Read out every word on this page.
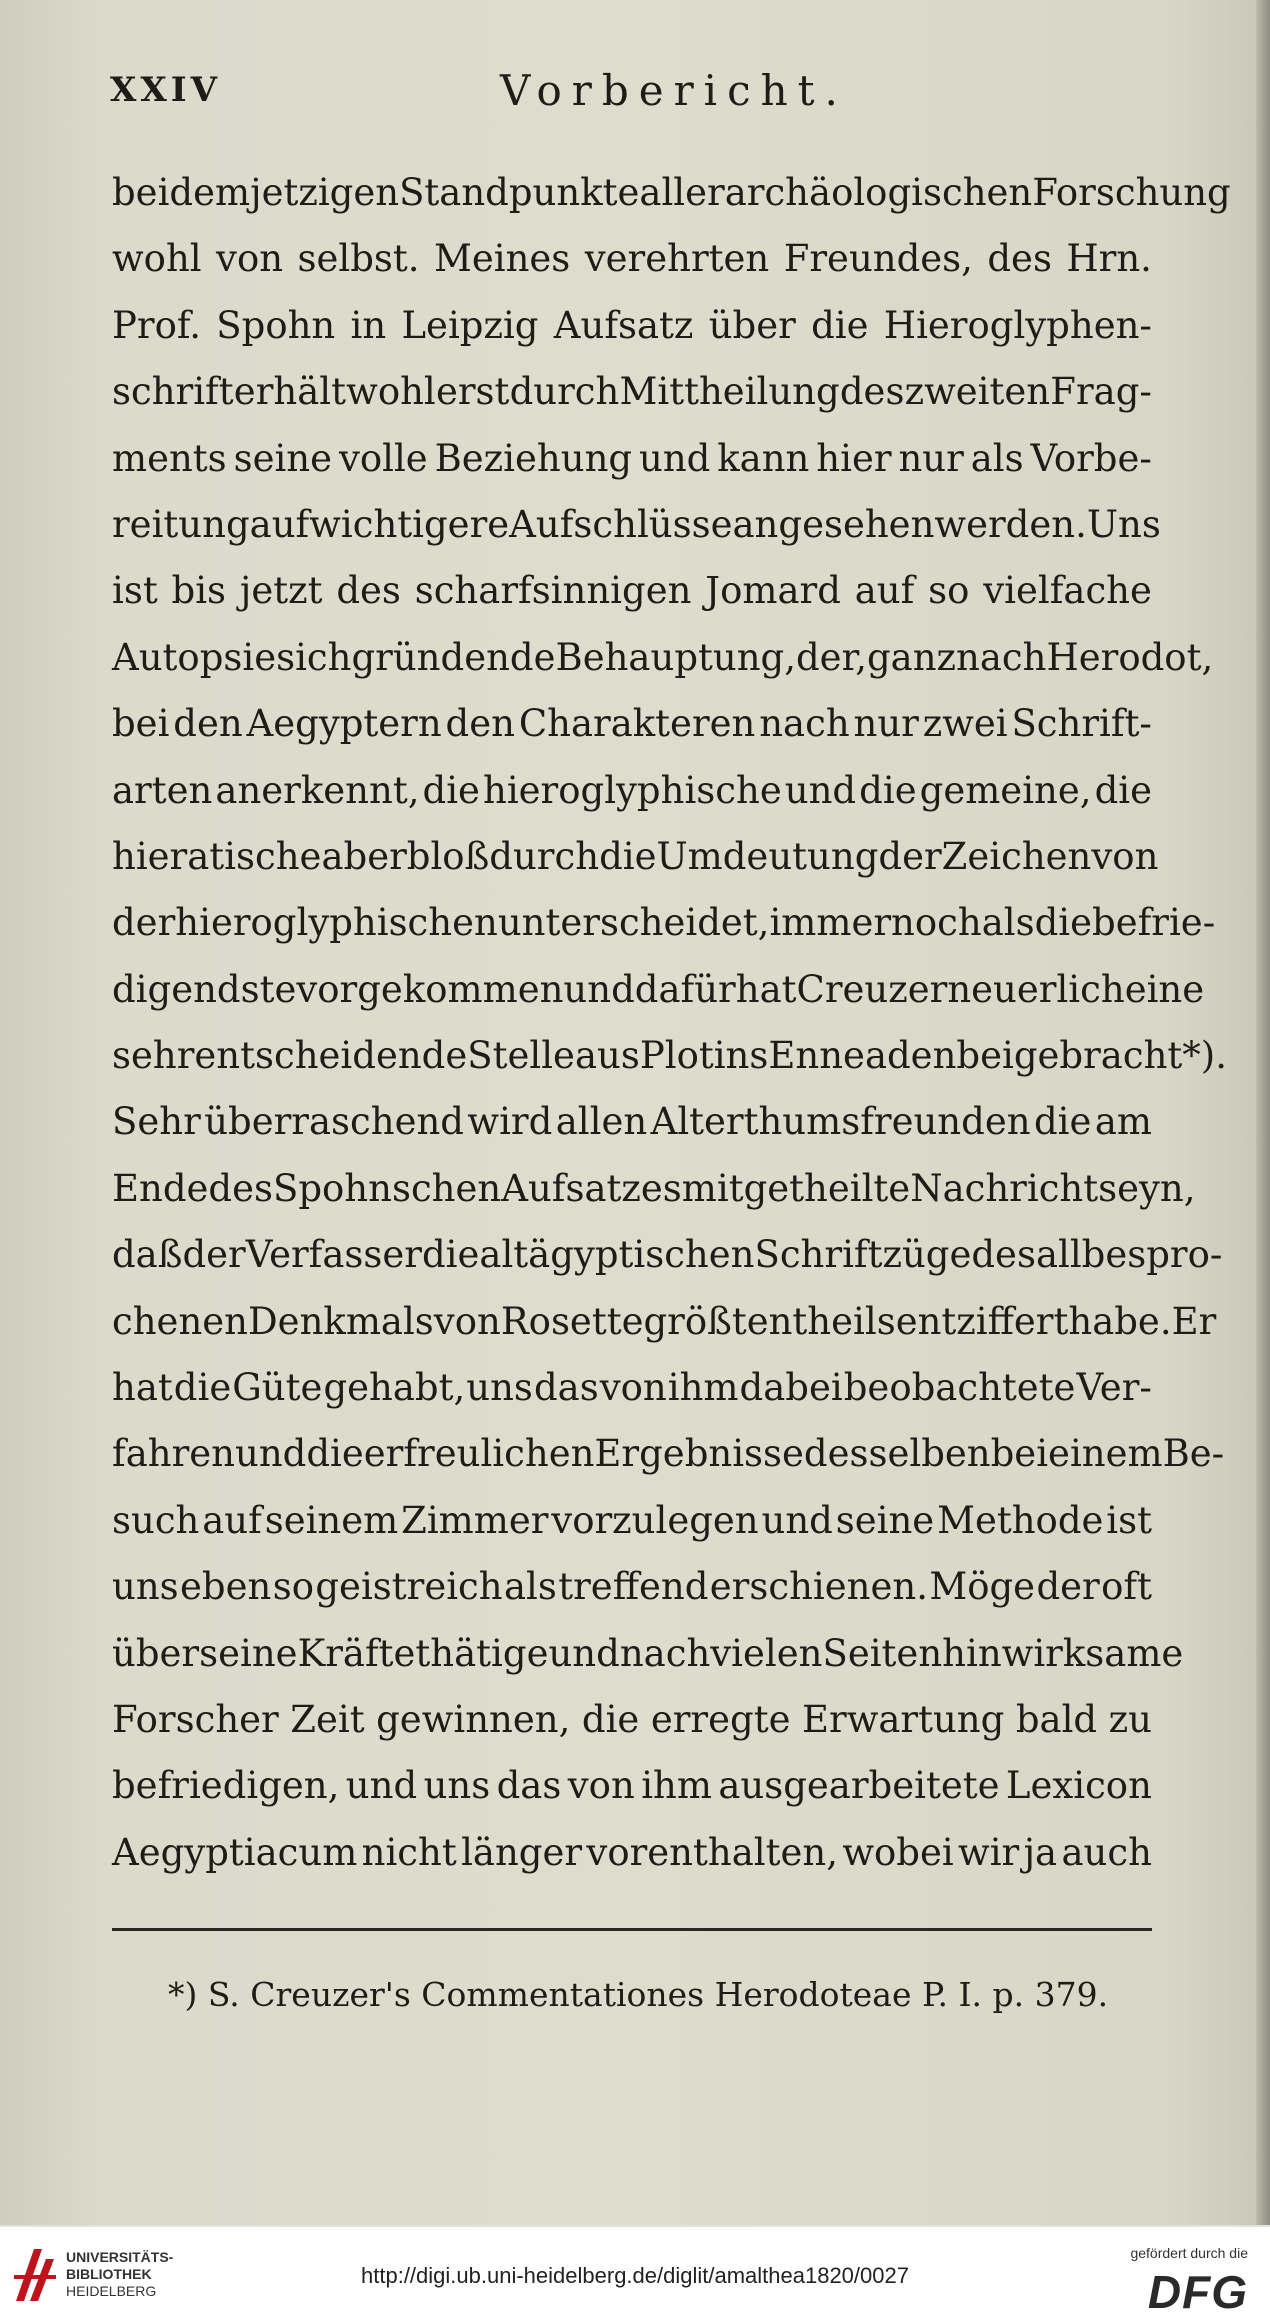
XXIV	Vorbericht.
bei dem jetzigen Standpunkte aller archäologischen Forschung
wohl von selbst. Meines verehrten Freundes, des Hrn.
Prof. Spohn in Leipzig Aufsatz über die Hieroglyphen-
schrift erhält wohl erst durch Mittheilung des zweiten Frag-
ments seine volle Beziehung und kann hier nur als Vorbe-
reitung auf wichtigere Aufschlüsse angesehen werden. Uns
ist bis jetzt des scharfsinnigen Jomard auf so vielfache
Autopsie sich gründende Behauptung, der, ganz nach Herodot,
bei den Aegyptern den Charakteren nach nur zwei Schrift-
arten anerkennt, die hieroglyphische und die gemeine, die
hieratische aber bloß durch die Umdeutung der Zeichen von
der hieroglyphischen unterscheidet, immer noch als die befrie-
digendste vorgekommen und dafür hat Creuzer neuerlich eine
sehr entscheidende Stelle aus Plotins Enneaden beigebracht*).
Sehr überraschend wird allen Alterthumsfreunden die am
Ende des Spohnschen Aufsatzes mitgetheilte Nachricht seyn,
daß der Verfasser die alt ägyptischen Schriftzüge des allbespro-
chenen Denkmals von Rosette größtentheils entziffert habe. Er
hat die Güte gehabt, uns das von ihm dabei beobachtete Ver-
fahren und die erfreulichen Ergebnisse desselben bei einem Be-
such auf seinem Zimmer vorzulegen und seine Methode ist
uns eben so geistreich als treffend erschienen. Möge der oft
über seine Kräfte thätige und nach vielen Seiten hin wirksame
Forscher Zeit gewinnen, die erregte Erwartung bald zu
befriedigen, und uns das von ihm ausgearbeitete Lexicon
Aegyptiacum nicht länger vorenthalten, wobei wir ja auch
*) S. Creuzer's Commentationes Herodoteae P. I. p. 379.
UNIVERSITÄTS-
BIBLIOTHEK
HEIDELBERG
http://digi.ub.uni-heidelberg.de/diglit/amalthea1820/0027
gefördert durch die
DFG
